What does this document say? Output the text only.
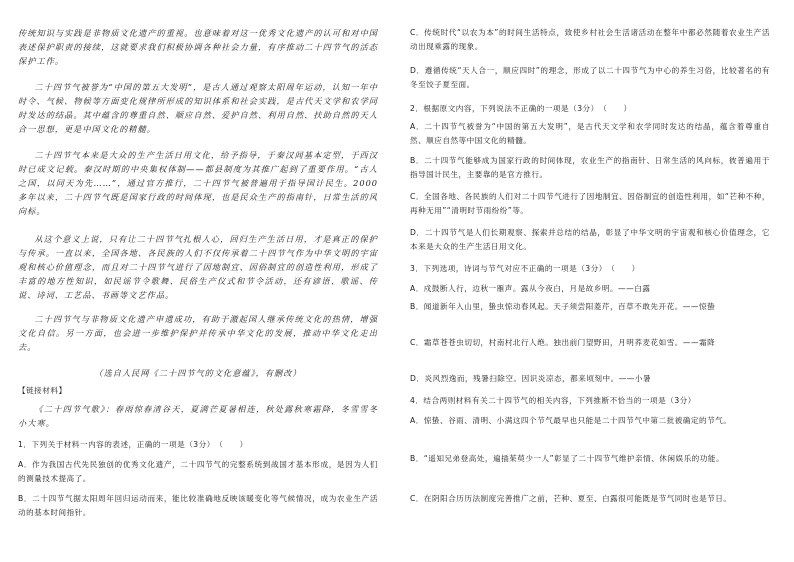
传统知识与实践是非物质文化遗产的重视。也意味着对这一优秀文化遗产的认可和对中国表述保护职责的接续，这就要求我们积极协调各种社会力量，有序推动二十四节气的活态保护工作。

二十四节气被誉为“中国的第五大发明”，是古人通过观察太阳周年运动，认知一年中时令、气候、物候等方面变化规律所形成的知识体系和社会实践，是古代天文学和农学同时发达的结晶。其中蕴含的尊重自然、顺应自然、爱护自然、利用自然、扶助自然的天人合一思想，更是中国文化的精髓。

二十四节气本来是大众的生产生活日用文化，给予指导，于秦汉间基本定型，于西汉时已成文记载。秦汉时期的中央集权体制——都县制度为其推广起到了重要作用。“古人之国，以同天为先……”，通过官方推行，二十四节气被普遍用于指导国计民生。2000多年以来，二十四节气既是国家行政的时间体现，也是民众生产的指南针，日常生活的风向标。

从这个意义上说，只有让二十四节气扎根人心，回归生产生活日用，才是真正的保护与传承。一直以来，全国各地、各民族的人们不仅传承着二十四节气作为中华文明的宇宙观和核心价值理念，而且对二十四节气进行了因地制宜、因俗制宜的创造性利用，形成了丰富的地方性知识，如民谣节令歌舞、民俗生产仪式和节令活动，还有谚语、歌谣、传说、诗词、工艺品、书画等文艺作品。

二十四节气与非物质文化遗产申遗成功，有助于激起国人继承传统文化的热情，增强文化自信。另一方面，也会进一步维护保护并传承中华文化的发展，推动中华文化走出去。

（选自人民网《二十四节气的文化意蕴》，有删改）

【链接材料】

《二十四节气歌》：春雨惊春清谷天，夏满芒夏暑相连，秋处露秋寒霜降，冬雪雪冬小大寒。

1．下列关于材料一内容的表述，正确的一项是（3分）　（　　）

A．作为我国古代先民独创的优秀文化遗产，二十四节气的完整系统到战国才基本形成，是因为人们的测量技术提高了。

B．二十四节气据太阳周年回归运动而来，能比较准确地反映该暖变化等气候情况，成为农业生产活动的基本时间指针。

C．传统时代“以农为本”的时间生活特点，致使乡村社会生活诸活动在整年中都必然随着农业生产活动出现乘露的现象。

D．遵循传统“天人合一，顺应四时”的理念，形成了以二十四节气为中心的养生习俗，比较著名的有冬至饺子夏至面。

2．根据原文内容，下列说法不正确的一项是（3分）　（　　）

A．二十四节气被誉为“中国的第五大发明”，是古代天文学和农学同时发达的结晶，蕴含着尊重自然、顺应自然等中国文化的精髓。

B．二十四节气能够成为国家行政的时间体现，农业生产的指南针、日常生活的风向标，彼普遍用于指导国计民生，主要靠的是官方推行。

C．全国各地、各民族的人们对二十四节气进行了因地制宜、因俗制宜的创造性利用，如“芒种不种，再种无用”“清明时节雨纷纷”等。

D．二十四节气是人们长期观察、探索并总结的结晶，彰显了中华文明的宇宙观和核心价值理念，它本来是大众的生产生活日用文化。

3．下列选项，诗词与节气对应不正确的一项是（3分）　（　　）

A．戍鼓断人行，边秋一雁声。露从今夜白，月是故乡明。——白露

B．闻道新年入山里，蛰虫惊动春风起。天子须尝阳菱芹，百草不敢先开花。——惊蛰

C．霜草苍苍虫切切，村南村北行人绝。独出前门望野田，月明荞麦花如雪。——霜降

D．炎风烈逸而，残暑扫除空。因识炎凉态，都来顷刻中。——小暑

4．结合两则材料有关二十四节气的相关内容，下列推断不恰当的一项是（3分）

A．惊蛰、谷雨、清明、小满这四个节气最早也只能是二十四节气中第二批被确定的节气。

B．“遥知兄弟登高处，遍插茱萸少一人”彰显了二十四节气维护亲情、休闲娱乐的功能。

C．在阴阳合历历法制度完善推广之前，芒种、夏至、白露很可能既是节气同时也是节日。
